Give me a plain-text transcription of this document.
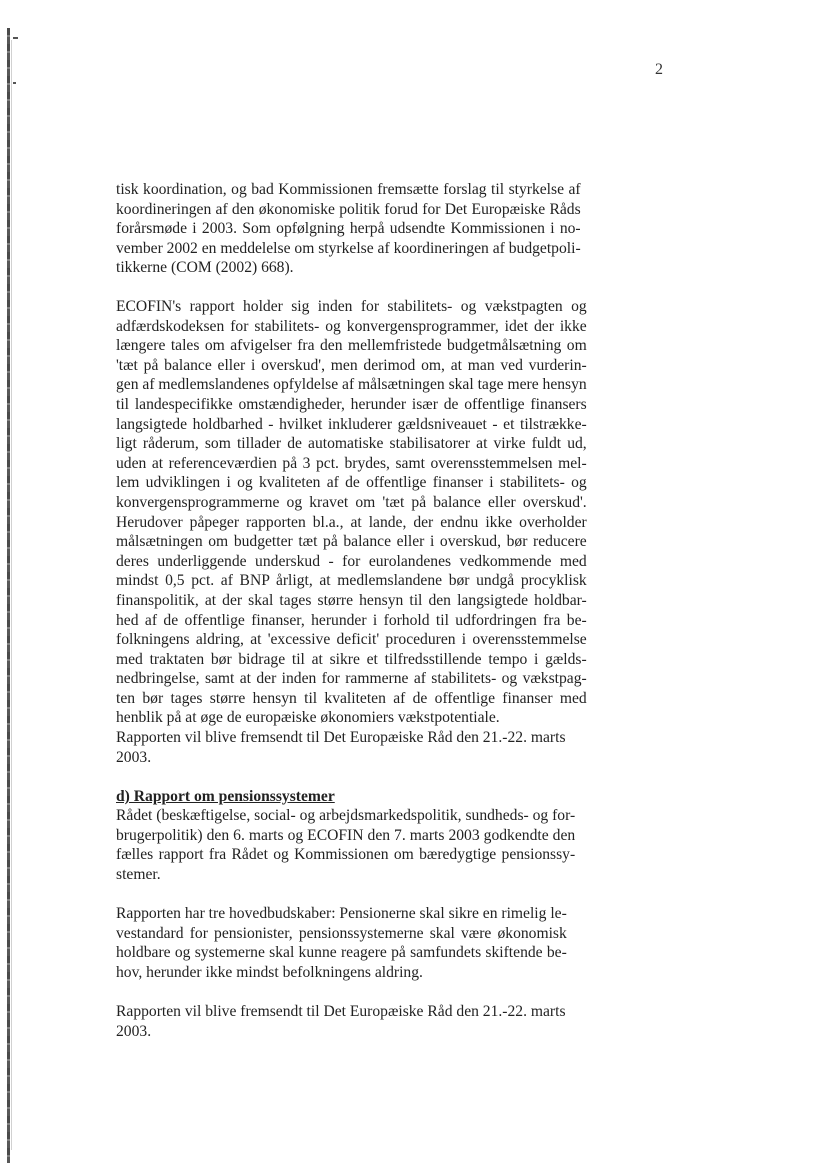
2
tisk koordination, og bad Kommissionen fremsætte forslag til styrkelse af
koordineringen af den økonomiske politik forud for Det Europæiske Råds
forårsmøde i 2003. Som opfølgning herpå udsendte Kommissionen i no-
vember 2002 en meddelelse om styrkelse af koordineringen af budgetpoli-
tikkerne (COM (2002) 668).
ECOFIN's rapport holder sig inden for stabilitets- og vækstpagten og
adfærdskodeksen for stabilitets- og konvergensprogrammer, idet der ikke
længere tales om afvigelser fra den mellemfristede budgetmålsætning om
'tæt på balance eller i overskud', men derimod om, at man ved vurderin-
gen af medlemslandenes opfyldelse af målsætningen skal tage mere hensyn
til landespecifikke omstændigheder, herunder især de offentlige finansers
langsigtede holdbarhed - hvilket inkluderer gældsniveauet - et tilstrække-
ligt råderum, som tillader de automatiske stabilisatorer at virke fuldt ud,
uden at referenceværdien på 3 pct. brydes, samt overensstemmelsen mel-
lem udviklingen i og kvaliteten af de offentlige finanser i stabilitets- og
konvergensprogrammerne og kravet om 'tæt på balance eller overskud'.
Herudover påpeger rapporten bl.a., at lande, der endnu ikke overholder
målsætningen om budgetter tæt på balance eller i overskud, bør reducere
deres underliggende underskud - for eurolandenes vedkommende med
mindst 0,5 pct. af BNP årligt, at medlemslandene bør undgå procyklisk
finanspolitik, at der skal tages større hensyn til den langsigtede holdbar-
hed af de offentlige finanser, herunder i forhold til udfordringen fra be-
folkningens aldring, at 'excessive deficit' proceduren i overensstemmelse
med traktaten bør bidrage til at sikre et tilfredsstillende tempo i gælds-
nedbringelse, samt at der inden for rammerne af stabilitets- og vækstpag-
ten bør tages større hensyn til kvaliteten af de offentlige finanser med
henblik på at øge de europæiske økonomiers vækstpotentiale.
Rapporten vil blive fremsendt til Det Europæiske Råd den 21.-22. marts
2003.
d) Rapport om pensionssystemer
Rådet (beskæftigelse, social- og arbejdsmarkedspolitik, sundheds- og for-
brugerpolitik) den 6. marts og ECOFIN den 7. marts 2003 godkendte den
fælles rapport fra Rådet og Kommissionen om bæredygtige pensionssy-
stemer.
Rapporten har tre hovedbudskaber: Pensionerne skal sikre en rimelig le-
vestandard for pensionister, pensionssystemerne skal være økonomisk
holdbare og systemerne skal kunne reagere på samfundets skiftende be-
hov, herunder ikke mindst befolkningens aldring.
Rapporten vil blive fremsendt til Det Europæiske Råd den 21.-22. marts
2003.
